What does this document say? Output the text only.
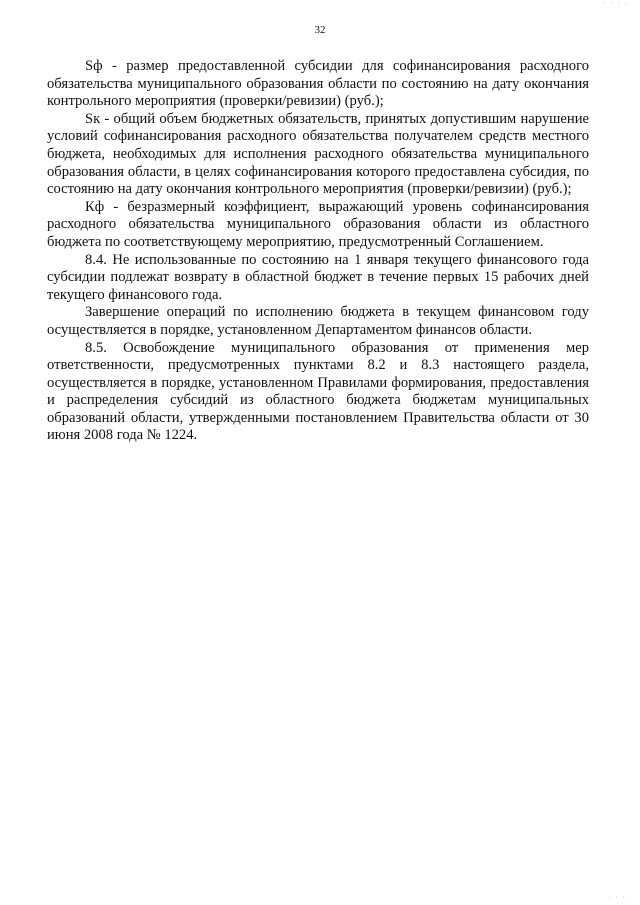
· · · ·
32

Sф - размер предоставленной субсидии для софинансирования расходного обязательства муниципального образования области по состоянию на дату окончания контрольного мероприятия (проверки/ревизии) (руб.);

Sк - общий объем бюджетных обязательств, принятых допустившим нарушение условий софинансирования расходного обязательства получателем средств местного бюджета, необходимых для исполнения расходного обязательства муниципального образования области, в целях софинансирования которого предоставлена субсидия, по состоянию на дату окончания контрольного мероприятия (проверки/ревизии) (руб.);

Кф - безразмерный коэффициент, выражающий уровень софинансирования расходного обязательства муниципального образования области из областного бюджета по соответствующему мероприятию, предусмотренный Соглашением.

8.4. Не использованные по состоянию на 1 января текущего финансового года субсидии подлежат возврату в областной бюджет в течение первых 15 рабочих дней текущего финансового года.

Завершение операций по исполнению бюджета в текущем финансовом году осуществляется в порядке, установленном Департаментом финансов области.

8.5. Освобождение муниципального образования от применения мер ответственности, предусмотренных пунктами 8.2 и 8.3 настоящего раздела, осуществляется в порядке, установленном Правилами формирования, предоставления и распределения субсидий из областного бюджета бюджетам муниципальных образований области, утвержденными постановлением Правительства области от 30 июня 2008 года № 1224.

· · ·
